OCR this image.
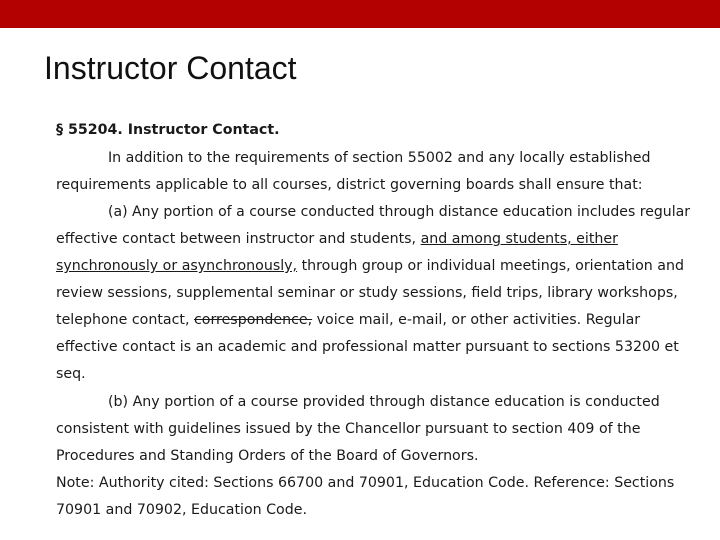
Instructor Contact
§ 55204. Instructor Contact.
In addition to the requirements of section 55002 and any locally established
requirements applicable to all courses, district governing boards shall ensure that:
(a) Any portion of a course conducted through distance education includes regular
effective contact between instructor and students, and among students, either
synchronously or asynchronously, through group or individual meetings, orientation and
review sessions, supplemental seminar or study sessions, field trips, library workshops,
telephone contact, correspondence, voice mail, e-mail, or other activities. Regular
effective contact is an academic and professional matter pursuant to sections 53200 et
seq.
(b) Any portion of a course provided through distance education is conducted
consistent with guidelines issued by the Chancellor pursuant to section 409 of the
Procedures and Standing Orders of the Board of Governors.
Note: Authority cited: Sections 66700 and 70901, Education Code. Reference: Sections
70901 and 70902, Education Code.
